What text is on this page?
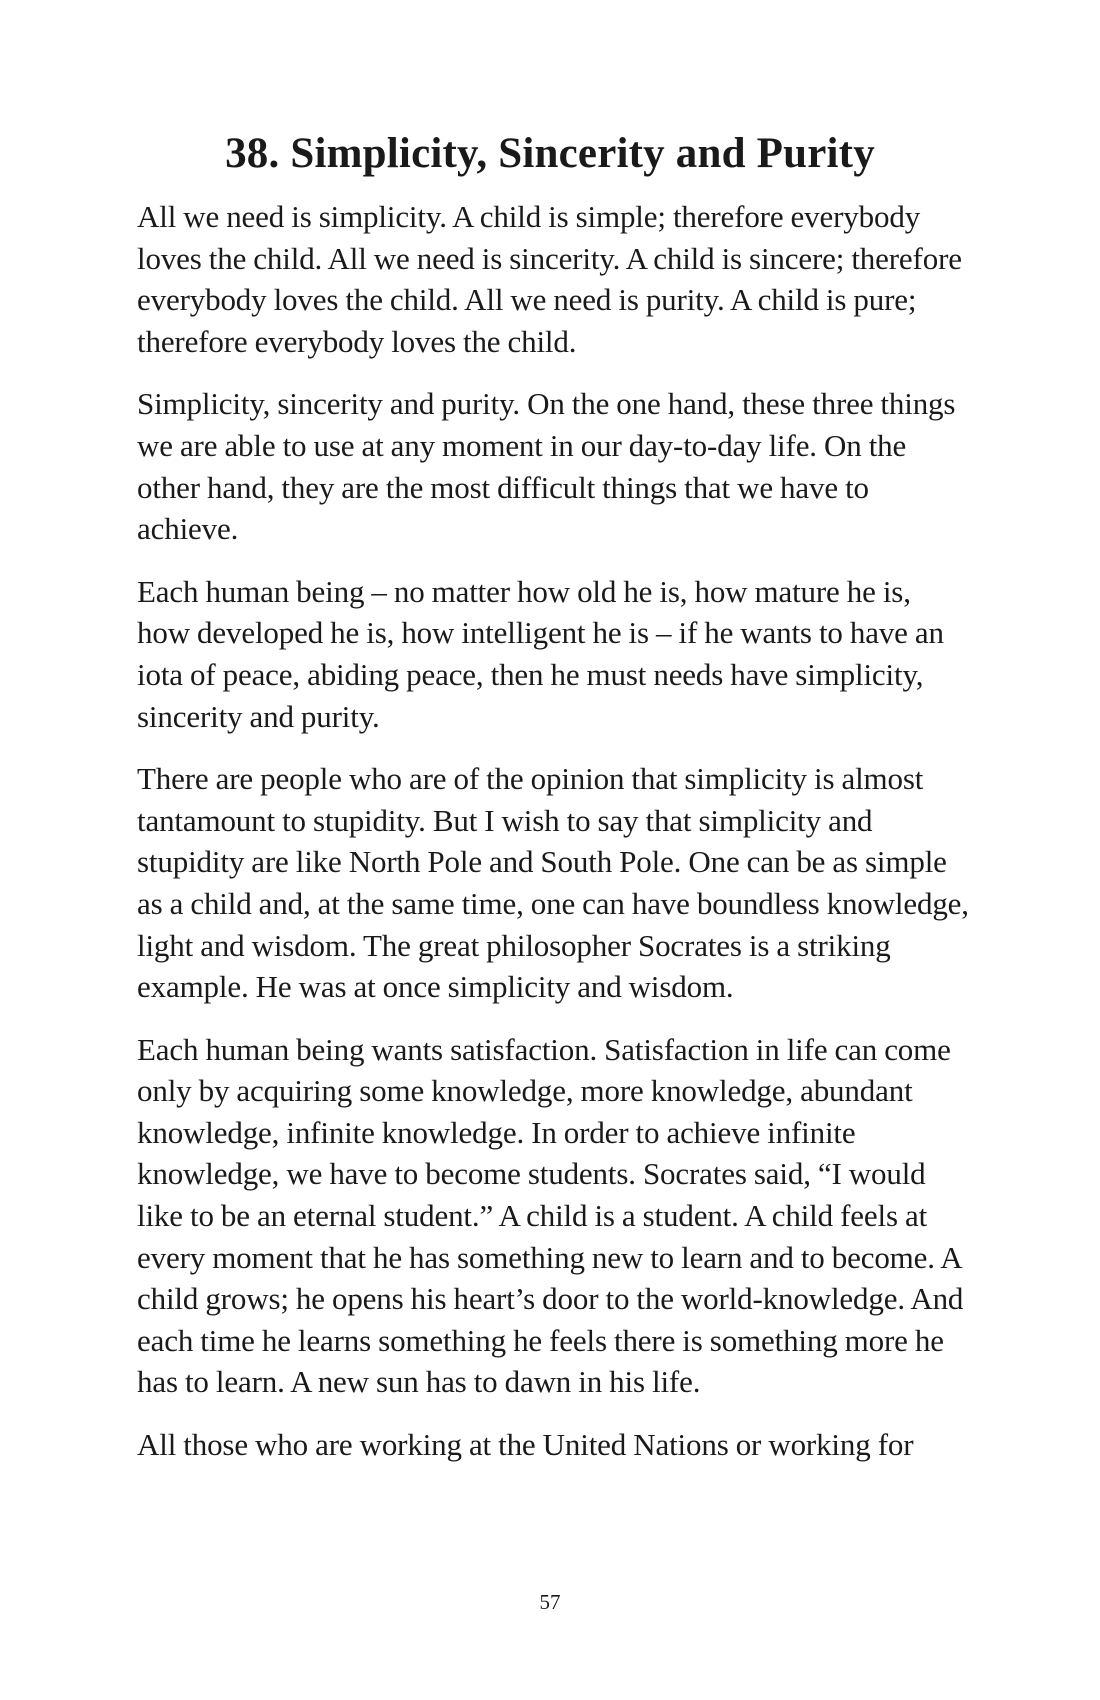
38. Simplicity, Sincerity and Purity

All we need is simplicity. A child is simple; therefore everybody loves the child. All we need is sincerity. A child is sincere; therefore everybody loves the child. All we need is purity. A child is pure; therefore everybody loves the child.

Simplicity, sincerity and purity. On the one hand, these three things we are able to use at any moment in our day-to-day life. On the other hand, they are the most difficult things that we have to achieve.

Each human being – no matter how old he is, how mature he is, how developed he is, how intelligent he is – if he wants to have an iota of peace, abiding peace, then he must needs have simplicity, sincerity and purity.

There are people who are of the opinion that simplicity is almost tantamount to stupidity. But I wish to say that simplicity and stupidity are like North Pole and South Pole. One can be as simple as a child and, at the same time, one can have boundless knowledge, light and wisdom. The great philosopher Socrates is a striking example. He was at once simplicity and wisdom.

Each human being wants satisfaction. Satisfaction in life can come only by acquiring some knowledge, more knowledge, abundant knowledge, infinite knowledge. In order to achieve infinite knowledge, we have to become students. Socrates said, “I would like to be an eternal student.” A child is a student. A child feels at every moment that he has something new to learn and to become. A child grows; he opens his heart’s door to the world-knowledge. And each time he learns something he feels there is something more he has to learn. A new sun has to dawn in his life.

All those who are working at the United Nations or working for

57
